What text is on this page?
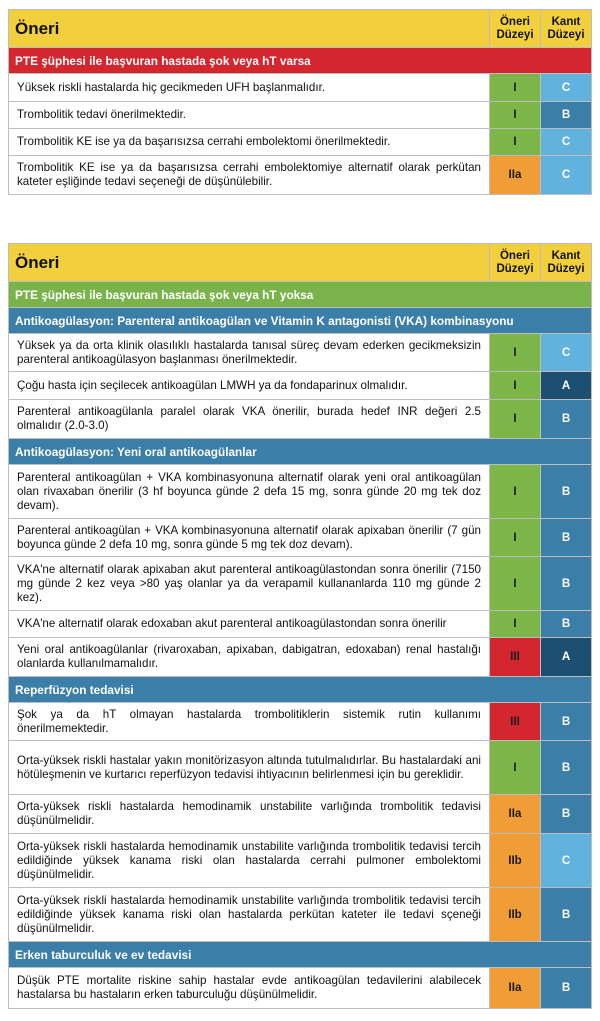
Öneri	Öneri
Düzeyi	Kanıt
Düzeyi
PTE şüphesi ile başvuran hastada şok veya hT varsa		
Yüksek riskli hastalarda hiç gecikmeden UFH başlanmalıdır.	I	C
Trombolitik tedavi önerilmektedir.	I	B
Trombolitik KE ise ya da başarısızsa cerrahi embolektomi önerilmektedir.	I	C
Trombolitik KE ise ya da başarısızsa cerrahi embolektomiye alternatif olarak perkütan kateter eşliğinde tedavi seçeneği de düşünülebilir.	IIa	C
Öneri	Öneri
Düzeyi	Kanıt
Düzeyi
PTE şüphesi ile başvuran hastada şok veya hT yoksa		
Antikoagülasyon: Parenteral antikoagülan ve Vitamin K antagonisti (VKA) kombinasyonu		
Yüksek ya da orta klinik olasılıklı hastalarda tanısal süreç devam ederken gecikmeksizin parenteral antikoagülasyon başlanması önerilmektedir.	I	C
Çoğu hasta için seçilecek antikoagülan LMWH ya da fondaparinux olmalıdır.	I	A
Parenteral antikoagülanla paralel olarak VKA önerilir, burada hedef INR değeri 2.5 olmalıdır (2.0-3.0)	I	B
Antikoagülasyon: Yeni oral antikoagülanlar		
Parenteral antikoagülan + VKA kombinasyonuna alternatif olarak yeni oral antikoagülan olan rivaxaban önerilir (3 hf boyunca günde 2 defa 15 mg, sonra günde 20 mg tek doz devam).	I	B
Parenteral antikoagülan + VKA kombinasyonuna alternatif olarak apixaban önerilir (7 gün boyunca günde 2 defa 10 mg, sonra günde 5 mg tek doz devam).	I	B
VKA'ne alternatif olarak apixaban akut parenteral antikoagülastondan sonra önerilir (7150 mg günde 2 kez veya >80 yaş olanlar ya da verapamil kullananlarda 110 mg günde 2 kez).	I	B
VKA'ne alternatif olarak edoxaban akut parenteral antikoagülastondan sonra önerilir	I	B
Yeni oral antikoagülanlar (rivaroxaban, apixaban, dabigatran, edoxaban) renal hastalığı olanlarda kullanılmamalıdır.	III	A
Reperfüzyon tedavisi		
Şok ya da hT olmayan hastalarda trombolitiklerin sistemik rutin kullanımı önerilmemektedir.	III	B
Orta-yüksek riskli hastalar yakın monitörizasyon altında tutulmalıdırlar. Bu hastalardaki ani hötüleşmenin ve kurtarıcı reperfüzyon tedavisi ihtiyacının belirlenmesi için bu gereklidir.	I	B
Orta-yüksek riskli hastalarda hemodinamik unstabilite varlığında trombolitik tedavisi düşünülmelidir.	IIa	B
Orta-yüksek riskli hastalarda hemodinamik unstabilite varlığında trombolitik tedavisi tercih edildiğinde yüksek kanama riski olan hastalarda cerrahi pulmoner embolektomi düşünülmelidir.	IIb	C
Orta-yüksek riskli hastalarda hemodinamik unstabilite varlığında trombolitik tedavisi tercih edildiğinde yüksek kanama riski olan hastalarda perkütan kateter ile tedavi sçeneği düşünülmelidir.	IIb	B
Erken taburculuk ve ev tedavisi		
Düşük PTE mortalite riskine sahip hastalar evde antikoagülan tedavilerini alabilecek hastalarsa bu hastaların erken taburculuğu düşünülmelidir.	IIa	B
